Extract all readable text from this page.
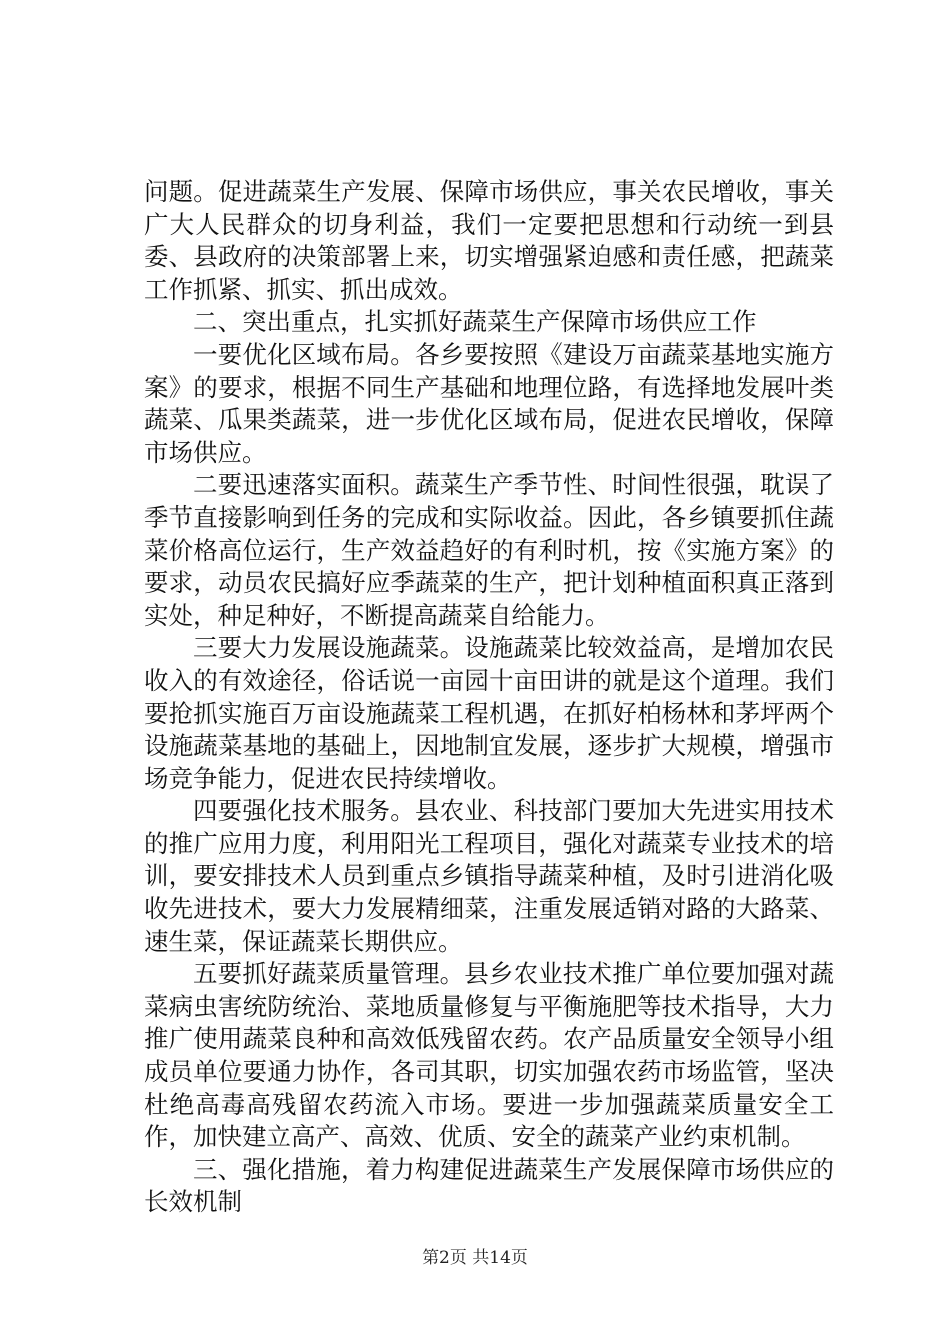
问题。促进蔬菜生产发展、保障市场供应，事关农民增收，事关广大人民群众的切身利益，我们一定要把思想和行动统一到县委、县政府的决策部署上来，切实增强紧迫感和责任感，把蔬菜工作抓紧、抓实、抓出成效。

二、突出重点，扎实抓好蔬菜生产保障市场供应工作

一要优化区域布局。各乡要按照《建设万亩蔬菜基地实施方案》的要求，根据不同生产基础和地理位路，有选择地发展叶类蔬菜、瓜果类蔬菜，进一步优化区域布局，促进农民增收，保障市场供应。

二要迅速落实面积。蔬菜生产季节性、时间性很强，耽误了季节直接影响到任务的完成和实际收益。因此，各乡镇要抓住蔬菜价格高位运行，生产效益趋好的有利时机，按《实施方案》的要求，动员农民搞好应季蔬菜的生产，把计划种植面积真正落到实处，种足种好，不断提高蔬菜自给能力。

三要大力发展设施蔬菜。设施蔬菜比较效益高，是增加农民收入的有效途径，俗话说一亩园十亩田讲的就是这个道理。我们要抢抓实施百万亩设施蔬菜工程机遇，在抓好柏杨林和茅坪两个设施蔬菜基地的基础上，因地制宜发展，逐步扩大规模，增强市场竞争能力，促进农民持续增收。

四要强化技术服务。县农业、科技部门要加大先进实用技术的推广应用力度，利用阳光工程项目，强化对蔬菜专业技术的培训，要安排技术人员到重点乡镇指导蔬菜种植，及时引进消化吸收先进技术，要大力发展精细菜，注重发展适销对路的大路菜、速生菜，保证蔬菜长期供应。

五要抓好蔬菜质量管理。县乡农业技术推广单位要加强对蔬菜病虫害统防统治、菜地质量修复与平衡施肥等技术指导，大力推广使用蔬菜良种和高效低残留农药。农产品质量安全领导小组成员单位要通力协作，各司其职，切实加强农药市场监管，坚决杜绝高毒高残留农药流入市场。要进一步加强蔬菜质量安全工作，加快建立高产、高效、优质、安全的蔬菜产业约束机制。

三、强化措施，着力构建促进蔬菜生产发展保障市场供应的长效机制

第2页 共14页
